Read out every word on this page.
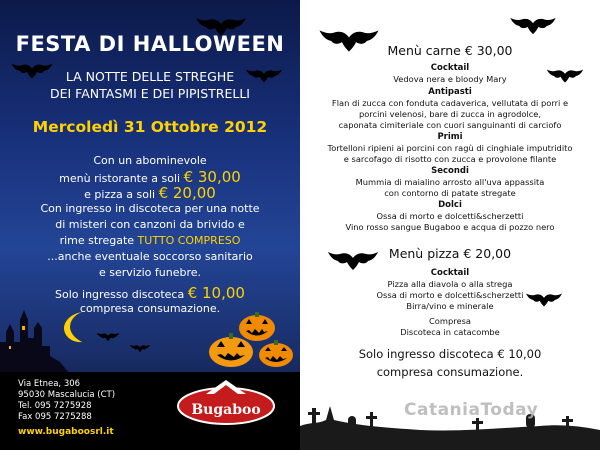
FESTA DI HALLOWEEN
LA NOTTE DELLE STREGHE
DEI FANTASMI E DEI PIPISTRELLI
Mercoledì 31 Ottobre 2012
Con un abominevole
menù ristorante a soli € 30,00
e pizza a soli € 20,00
Con ingresso in discoteca per una notte
di misteri con canzoni da brivido e
rime stregate TUTTO COMPRESO
...anche eventuale soccorso sanitario
e servizio funebre.
Solo ingresso discoteca € 10,00
compresa consumazione.
Via Etnea, 306
95030 Mascalucia (CT)
Tel. 095 7275928
Fax 095 7275288
www.bugaboosrl.it
Bugaboo
Menù carne € 30,00
Cocktail
Vedova nera e bloody Mary
Antipasti
Flan di zucca con fonduta cadaverica, vellutata di porri e
porcini velenosi, bare di zucca in agrodolce,
caponata cimiteriale con cuori sanguinanti di carciofo
Primi
Tortelloni ripieni ai porcini con ragù di cinghiale imputridito
e sarcofago di risotto con zucca e provolone filante
Secondi
Mummia di maialino arrosto all'uva appassita
con contorno di patate stregate
Dolci
Ossa di morto e dolcetti&scherzetti
Vino rosso sangue Bugaboo e acqua di pozzo nero
Menù pizza € 20,00
Cocktail
Pizza alla diavola o alla strega
Ossa di morto e dolcetti&scherzetti
Birra/vino e minerale
Compresa
Discoteca in catacombe
Solo ingresso discoteca € 10,00
compresa consumazione.
CataniaToday
